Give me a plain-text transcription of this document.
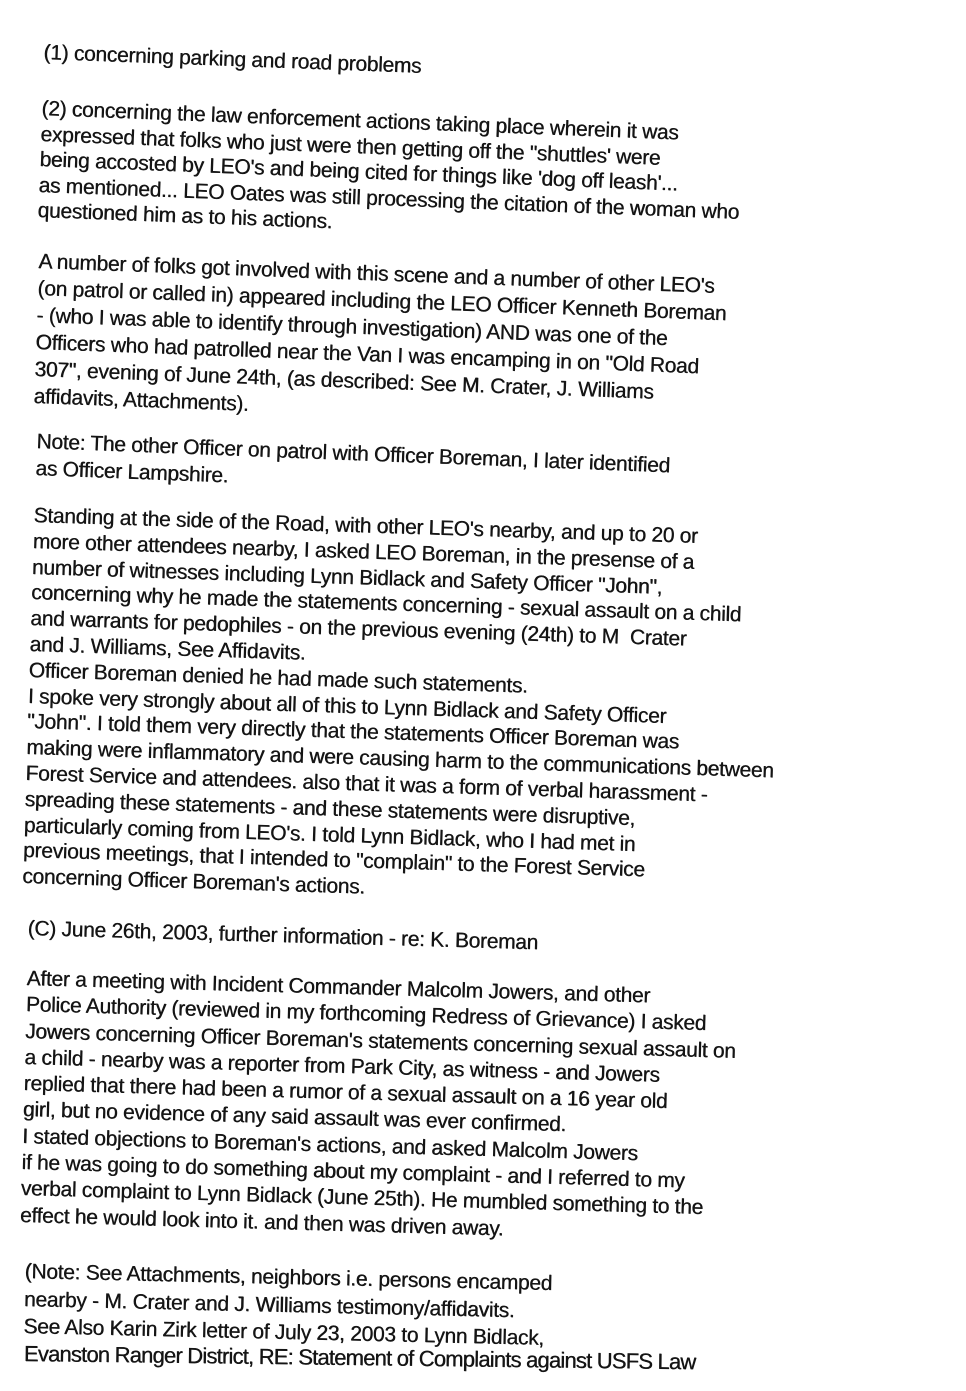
(1) concerning parking and road problems
(2) concerning the law enforcement actions taking place wherein it was
expressed that folks who just were then getting off the "shuttles' were
being accosted by LEO's and being cited for things like 'dog off leash'...
as mentioned... LEO Oates was still processing the citation of the woman who
questioned him as to his actions.
A number of folks got involved with this scene and a number of other LEO's
(on patrol or called in) appeared including the LEO Officer Kenneth Boreman
- (who I was able to identify through investigation) AND was one of the
Officers who had patrolled near the Van I was encamping in on "Old Road
307", evening of June 24th, (as described: See M. Crater, J. Williams
affidavits, Attachments).
Note: The other Officer on patrol with Officer Boreman, I later identified
as Officer Lampshire.
Standing at the side of the Road, with other LEO's nearby, and up to 20 or
more other attendees nearby, I asked LEO Boreman, in the presense of a
number of witnesses including Lynn Bidlack and Safety Officer "John",
concerning why he made the statements concerning - sexual assault on a child
and warrants for pedophiles - on the previous evening (24th) to M  Crater
and J. Williams, See Affidavits.
Officer Boreman denied he had made such statements.
I spoke very strongly about all of this to Lynn Bidlack and Safety Officer
"John". I told them very directly that the statements Officer Boreman was
making were inflammatory and were causing harm to the communications between
Forest Service and attendees. also that it was a form of verbal harassment -
spreading these statements - and these statements were disruptive,
particularly coming from LEO's. I told Lynn Bidlack, who I had met in
previous meetings, that I intended to "complain" to the Forest Service
concerning Officer Boreman's actions.
(C) June 26th, 2003, further information - re: K. Boreman
After a meeting with Incident Commander Malcolm Jowers, and other
Police Authority (reviewed in my forthcoming Redress of Grievance) I asked
Jowers concerning Officer Boreman's statements concerning sexual assault on
a child - nearby was a reporter from Park City, as witness - and Jowers
replied that there had been a rumor of a sexual assault on a 16 year old
girl, but no evidence of any said assault was ever confirmed.
I stated objections to Boreman's actions, and asked Malcolm Jowers
if he was going to do something about my complaint - and I referred to my
verbal complaint to Lynn Bidlack (June 25th). He mumbled something to the
effect he would look into it. and then was driven away.
(Note: See Attachments, neighbors i.e. persons encamped
nearby - M. Crater and J. Williams testimony/affidavits.
See Also Karin Zirk letter of July 23, 2003 to Lynn Bidlack,
Evanston Ranger District, RE: Statement of Complaints against USFS Law
